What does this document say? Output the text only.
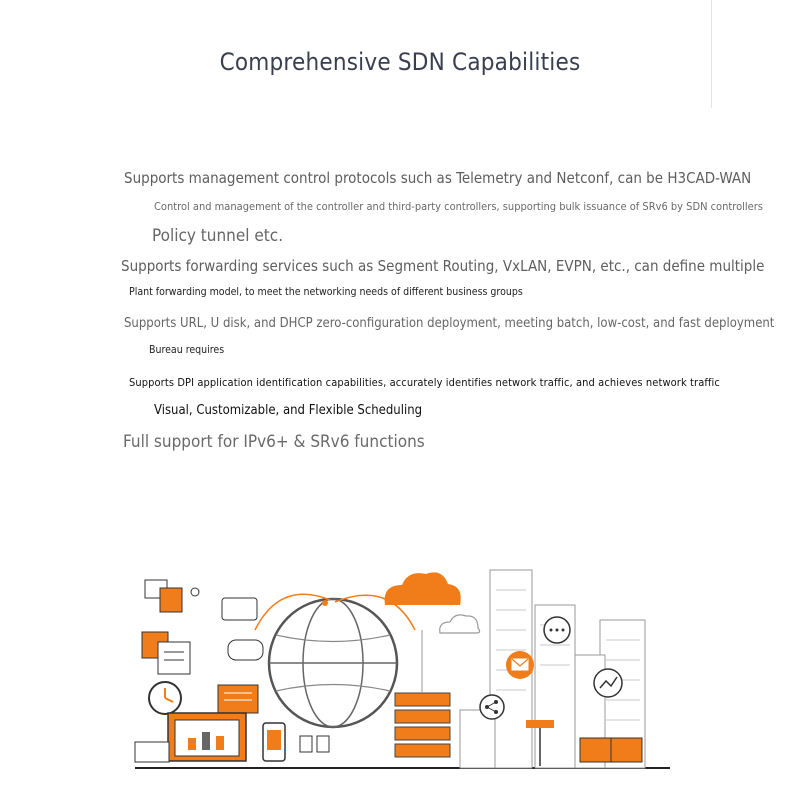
Comprehensive SDN Capabilities
Supports management control protocols such as Telemetry and Netconf, can be H3CAD-WAN
Control and management of the controller and third-party controllers, supporting bulk issuance of SRv6 by SDN controllers
Policy tunnel etc.
Supports forwarding services such as Segment Routing, VxLAN, EVPN, etc., can define multiple
Plant forwarding model, to meet the networking needs of different business groups
Supports URL, U disk, and DHCP zero-configuration deployment, meeting batch, low-cost, and fast deployment
Bureau requires
Supports DPI application identification capabilities, accurately identifies network traffic, and achieves network traffic
Visual, Customizable, and Flexible Scheduling
Full support for IPv6+ & SRv6 functions
